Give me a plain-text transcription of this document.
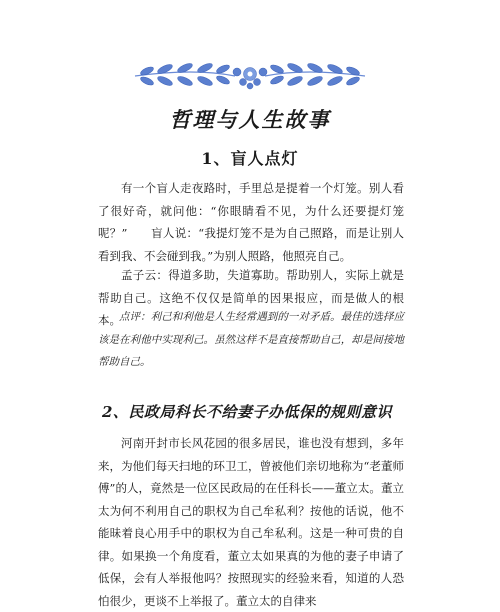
哲理与人生故事
1、盲人点灯

有一个盲人走夜路时，手里总是提着一个灯笼。别人看了很好奇，就问他：“你眼睛看不见，为什么还要提灯笼呢？”　　盲人说：“我提灯笼不是为自己照路，而是让别人看到我、不会碰到我。”为别人照路，他照亮自己。

孟子云：得道多助，失道寡助。帮助别人，实际上就是帮助自己。这绝不仅仅是简单的因果报应，而是做人的根本。

点评：利己和利他是人生经常遇到的一对矛盾。最佳的选择应该是在利他中实现利己。虽然这样不是直接帮助自己，却是间接地帮助自己。

2、民政局科长不给妻子办低保的规则意识

河南开封市长风花园的很多居民，谁也没有想到，多年来，为他们每天扫地的环卫工，曾被他们亲切地称为“老董师傅”的人，竟然是一位区民政局的在任科长——董立太。董立太为何不利用自己的职权为自己牟私利？按他的话说，他不能昧着良心用手中的职权为自己牟私利。这是一种可贵的自律。如果换一个角度看，董立太如果真的为他的妻子申请了低保，会有人举报他吗？按照现实的经验来看，知道的人恐怕很少，更谈不上举报了。董立太的自律来
